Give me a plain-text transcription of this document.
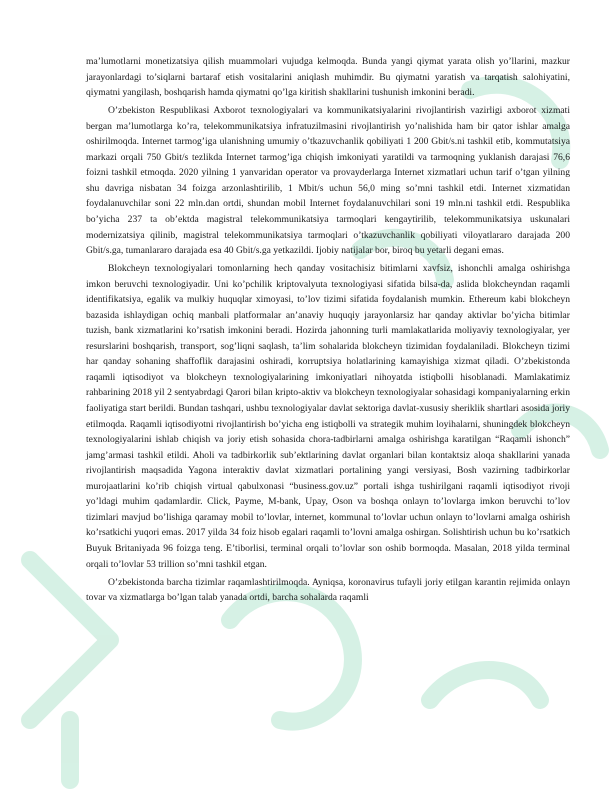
ma’lumotlarni monetizatsiya qilish muammolari vujudga kelmoqda. Bunda yangi qiymat yarata olish yo’llarini, mazkur jarayonlardagi to’siqlarni bartaraf etish vositalarini aniqlash muhimdir. Bu qiymatni yaratish va tarqatish salohiyatini, qiymatni yangilash, boshqarish hamda qiymatni qo’lga kiritish shakllarini tushunish imkonini beradi.

O’zbekiston Respublikasi Axborot texnologiyalari va kommunikatsiyalarini rivojlantirish vazirligi axborot xizmati bergan ma’lumotlarga ko’ra, telekommunikatsiya infratuzilmasini rivojlantirish yo’nalishida ham bir qator ishlar amalga oshirilmoqda. Internet tarmog’iga ulanishning umumiy o’tkazuvchanlik qobiliyati 1 200 Gbit/s.ni tashkil etib, kommutatsiya markazi orqali 750 Gbit/s tezlikda Internet tarmog’iga chiqish imkoniyati yaratildi va tarmoqning yuklanish darajasi 76,6 foizni tashkil etmoqda. 2020 yilning 1 yanvaridan operator va provayderlarga Internet xizmatlari uchun tarif o’tgan yilning shu davriga nisbatan 34 foizga arzonlashtirilib, 1 Mbit/s uchun 56,0 ming so’mni tashkil etdi. Internet xizmatidan foydalanuvchilar soni 22 mln.dan ortdi, shundan mobil Internet foydalanuvchilari soni 19 mln.ni tashkil etdi. Respublika bo’yicha 237 ta ob’ektda magistral telekommunikatsiya tarmoqlari kengaytirilib, telekommunikatsiya uskunalari modernizatsiya qilinib, magistral telekommunikatsiya tarmoqlari o’tkazuvchanlik qobiliyati viloyatlararo darajada 200 Gbit/s.ga, tumanlararo darajada esa 40 Gbit/s.ga yetkazildi. Ijobiy natijalar bor, biroq bu yetarli degani emas.

Blokcheyn texnologiyalari tomonlarning hech qanday vositachisiz bitimlarni xavfsiz, ishonchli amalga oshirishga imkon beruvchi texnologiyadir. Uni ko’pchilik kriptovalyuta texnologiyasi sifatida bilsa-da, aslida blokcheyndan raqamli identifikatsiya, egalik va mulkiy huquqlar ximoyasi, to’lov tizimi sifatida foydalanish mumkin. Ethereum kabi blokcheyn bazasida ishlaydigan ochiq manbali platformalar an’anaviy huquqiy jarayonlarsiz har qanday aktivlar bo’yicha bitimlar tuzish, bank xizmatlarini ko’rsatish imkonini beradi. Hozirda jahonning turli mamlakatlarida moliyaviy texnologiyalar, yer resurslarini boshqarish, transport, sog’liqni saqlash, ta’lim sohalarida blokcheyn tizimidan foydalaniladi. Blokcheyn tizimi har qanday sohaning shaffoflik darajasini oshiradi, korruptsiya holatlarining kamayishiga xizmat qiladi. O’zbekistonda raqamli iqtisodiyot va blokcheyn texnologiyalarining imkoniyatlari nihoyatda istiqbolli hisoblanadi. Mamlakatimiz rahbarining 2018 yil 2 sentyabrdagi Qarori bilan kripto-aktiv va blokcheyn texnologiyalar sohasidagi kompaniyalarning erkin faoliyatiga start berildi. Bundan tashqari, ushbu texnologiyalar davlat sektoriga davlat-xususiy sheriklik shartlari asosida joriy etilmoqda. Raqamli iqtisodiyotni rivojlantirish bo’yicha eng istiqbolli va strategik muhim loyihalarni, shuningdek blokcheyn texnologiyalarini ishlab chiqish va joriy etish sohasida chora-tadbirlarni amalga oshirishga karatilgan “Raqamli ishonch” jamg’armasi tashkil etildi. Aholi va tadbirkorlik sub’ektlarining davlat organlari bilan kontaktsiz aloqa shakllarini yanada rivojlantirish maqsadida Yagona interaktiv davlat xizmatlari portalining yangi versiyasi, Bosh vazirning tadbirkorlar murojaatlarini ko’rib chiqish virtual qabulxonasi “business.gov.uz” portali ishga tushirilgani raqamli iqtisodiyot rivoji yo’ldagi muhim qadamlardir. Click, Payme, M-bank, Upay, Oson va boshqa onlayn to’lovlarga imkon beruvchi to’lov tizimlari mavjud bo’lishiga qaramay mobil to’lovlar, internet, kommunal to’lovlar uchun onlayn to’lovlarni amalga oshirish ko’rsatkichi yuqori emas. 2017 yilda 34 foiz hisob egalari raqamli to’lovni amalga oshirgan. Solishtirish uchun bu ko’rsatkich Buyuk Britaniyada 96 foizga teng. E’tiborlisi, terminal orqali to’lovlar son oshib bormoqda. Masalan, 2018 yilda terminal orqali to’lovlar 53 trillion so’mni tashkil etgan.

O’zbekistonda barcha tizimlar raqamlashtirilmoqda. Ayniqsa, koronavirus tufayli joriy etilgan karantin rejimida onlayn tovar va xizmatlarga bo’lgan talab yanada ortdi, barcha sohalarda raqamli
